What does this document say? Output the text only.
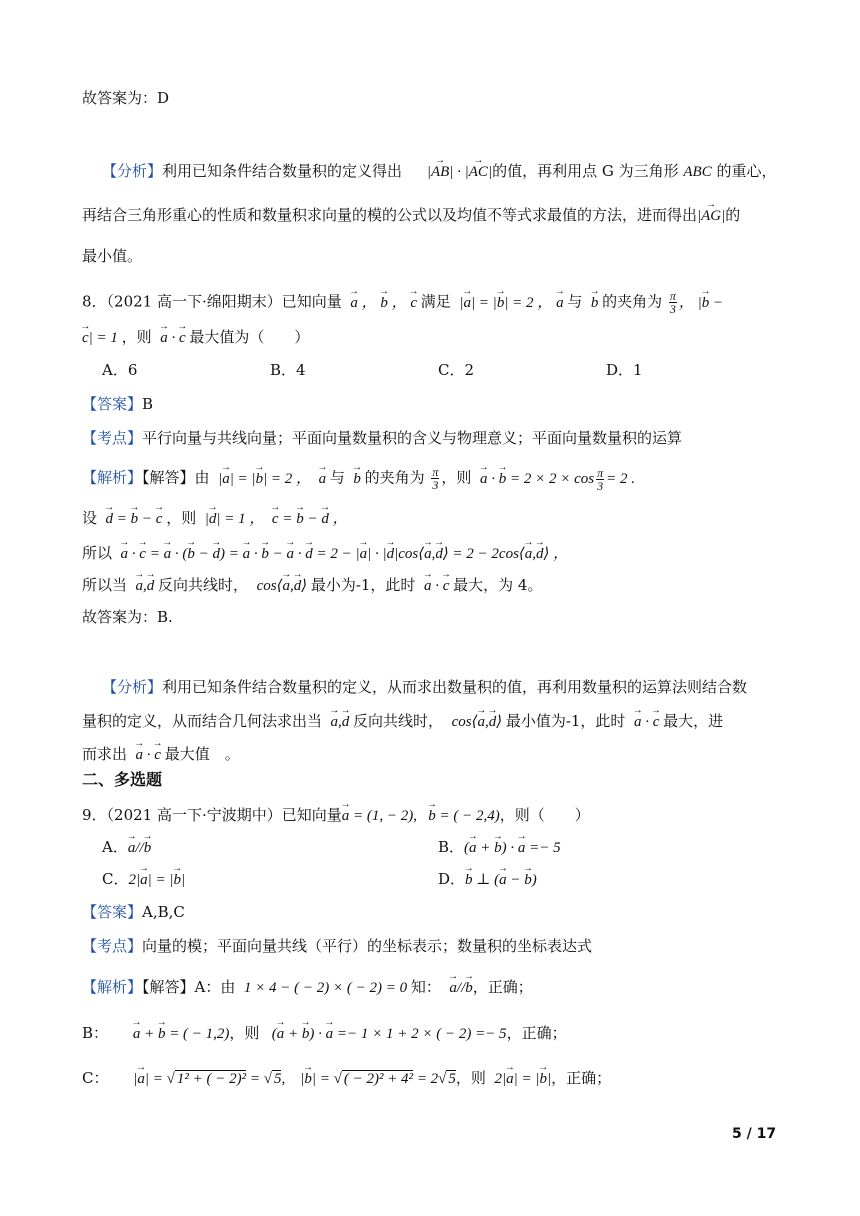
故答案为：D
【分析】利用已知条件结合数量积的定义得出 |→ AB| · |→ AC|的值，再利用点 G 为三角形 ABC 的重心，
再结合三角形重心的性质和数量积求向量的模的公式以及均值不等式求最值的方法，进而得出|→ AG|的
最小值。
8．（2021 高一下·绵阳期末）已知向量 → a ， → b ， → c 满足  |→ a| = |→ b| = 2 ， → a 与 → b 的夹角为 $\frac{\pi}{3}$ ， |→ b −
→ c| = 1 ，则 → a · → c 最大值为（　　）
A．6	B．4	C．2	D．1
【答案】B
【考点】平行向量与共线向量；平面向量数量积的含义与物理意义；平面向量数量积的运算
【解析】【解答】由  |→ a| = |→ b| = 2 ，  → a 与 → b 的夹角为 $\frac{\pi}{3}$ ，则 → a · → $b = 2 \times 2 \times \cos \frac{\pi}{3} = 2$ .
设 → d = → b − → c ，则  |→ d| = 1 ，  → c = → b − → d ，
所以 → a · → c = → a · (→ b − → d) = → a · → b − → a · → d = 2 − |→ a| · |→ d|cos⟨→ a,→ d⟩ = 2 − 2cos⟨→ a,→ d⟩ ，
所以当 → a,→ d 反向共线时，  cos⟨→ a,→ d⟩ 最小为-1，此时 → a · → c 最大，为 4。
故答案为：B.
【分析】利用已知条件结合数量积的定义，从而求出数量积的值，再利用数量积的运算法则结合数
量积的定义，从而结合几何法求出当 → a,→ d 反向共线时，  cos⟨→ a,→ d⟩ 最小值为-1，此时 → a · → c 最大，进
而求出 → a · → c 最大值　。
二、多选题
9．（2021 高一下·宁波期中）已知向量→ a = (1, − 2),   → b = ( − 2,4)，则（　　）
A．→ a//→ b	B．(→ a + → b) · → a =− 5
C．2|→ a| = |→ b|	D．→ b ⊥ (→ a − → b)
【答案】A,B,C
【考点】向量的模；平面向量共线（平行）的坐标表示；数量积的坐标表达式
【解析】【解答】A：由  1 × 4 − ( − 2) × ( − 2) = 0 知： → a//→ b，正确；
B： → a + → b = ( − 1,2)，则   (→ a + → b) · → a =− 1 × 1 + 2 × ( − 2) =− 5，正确；
C： |→ a| = √ 1² + ( − 2)² = √ 5,    |→ b| = √ ( − 2)² + 4² = 2√ 5，则  2|→ a| = |→ b|，正确；
5 / 17
